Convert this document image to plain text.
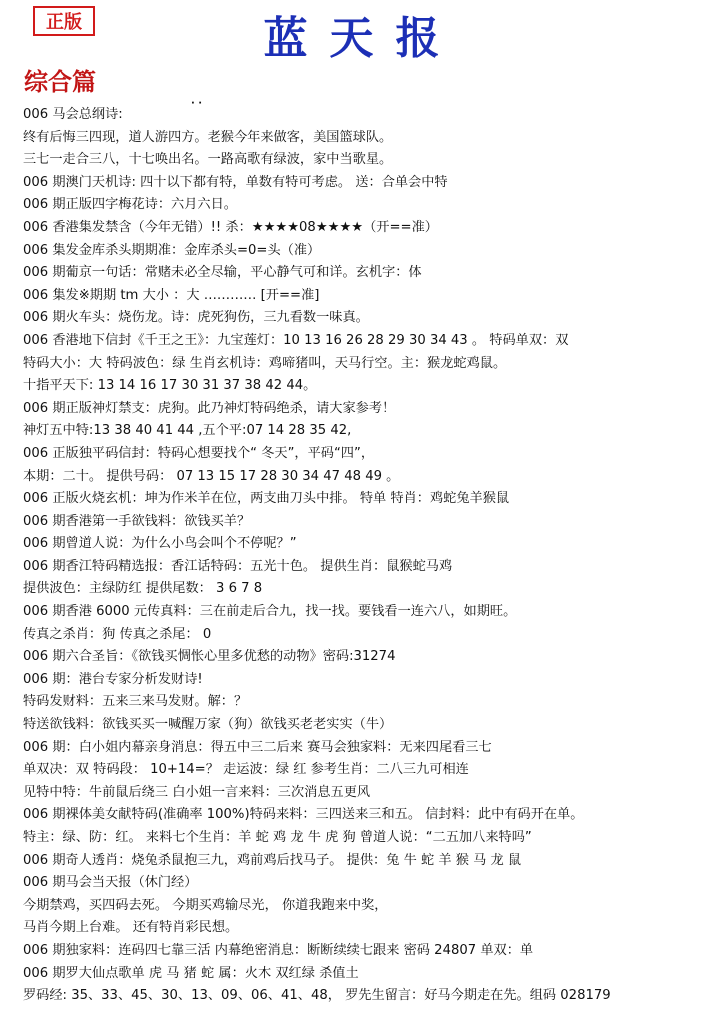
正版	蓝天报
综合篇
· ·
006 马会总纲诗:
终有后悔三四现，道人游四方。老猴今年来做客，美国篮球队。
三七一走合三八，十七唤出名。一路高歌有绿波，家中当歌星。
006 期澳门天机诗: 四十以下都有特，单数有特可考虑。 送：合单会中特
006 期正版四字梅花诗：六月六日。
006 香港集发禁含（今年无错）!! 杀：★★★★08★★★★（开==准）
006 集发金库杀头期期准：金库杀头=0=头（准）
006 期葡京一句话：常赌未必全尽输，平心静气可和详。玄机字：体
006 集发※期期 tm 大小 ：大 ………… [开==准]
006 期火车头：烧伤龙。诗：虎死狗伤，三九看数一味真。
006 香港地下信封《千王之王》：九宝莲灯：10 13 16 26 28 29 30 34 43 。 特码单双：双
特码大小：大 特码波色：绿 生肖玄机诗：鸡啼猪叫，天马行空。主：猴龙蛇鸡鼠。
十指平天下: 13 14 16 17 30 31 37 38 42 44。
006 期正版神灯禁支：虎狗。此乃神灯特码绝杀，请大家参考！
神灯五中特:13 38 40 41 44 ,五个平:07 14 28 35 42,
006 正版独平码信封：特码心想要找个“ 冬天”，平码“四”，
本期：二十。 提供号码： 07 13 15 17 28 30 34 47 48 49 。
006 正版火烧玄机：坤为作米羊在位，两支曲刀头中排。 特单 特肖：鸡蛇兔羊猴鼠
006 期香港第一手欲钱料：欲钱买羊？
006 期曾道人说：为什么小鸟会叫个不停呢？”
006 期香江特码精选报：香江话特码：五光十色。 提供生肖：鼠猴蛇马鸡
提供波色：主绿防红 提供尾数： 3 6 7 8
006 期香港 6000 元传真料：三在前走后合九，找一找。要钱看一连六八，如期旺。
传真之杀肖：狗 传真之杀尾： 0
006 期六合圣旨：《欲钱买惆怅心里多优愁的动物》密码:31274
006 期：港台专家分析发财诗!
特码发财料：五来三来马发财。解：？
特送欲钱料：欲钱买买一喊醒万家（狗）欲钱买老老实实（牛）
006 期：白小姐内幕亲身消息：得五中三二后来 赛马会独家料：无来四尾看三七
单双决：双 特码段： 10+14=？ 走运波：绿 红 参考生肖：二八三九可相连
见特中特：牛前鼠后绕三 白小姐一言来料：三次消息五更风
006 期裸体美女献特码(准确率 100%)特码来料：三四送来三和五。 信封料：此中有码开在单。
特主：绿、防：红。 来料七个生肖：羊 蛇 鸡 龙 牛 虎 狗 曾道人说：“二五加八来特吗”
006 期奇人透肖：烧兔杀鼠抱三九，鸡前鸡后找马子。 提供：兔 牛 蛇 羊 猴 马 龙 鼠
006 期马会当天报（休门经）
今期禁鸡，买四码去死。 今期买鸡输尽光， 你道我跑来中奖，
马肖今期上台难。 还有特肖彩民想。
006 期独家料：连码四七靠三活 内幕绝密消息：断断续续七跟来 密码 24807 单双：单
006 期罗大仙点歌单 虎 马 猪 蛇 属：火木 双红绿 杀值土
罗码经: 35、33、45、30、13、09、06、41、48， 罗先生留言：好马今期走在先。组码 028179
